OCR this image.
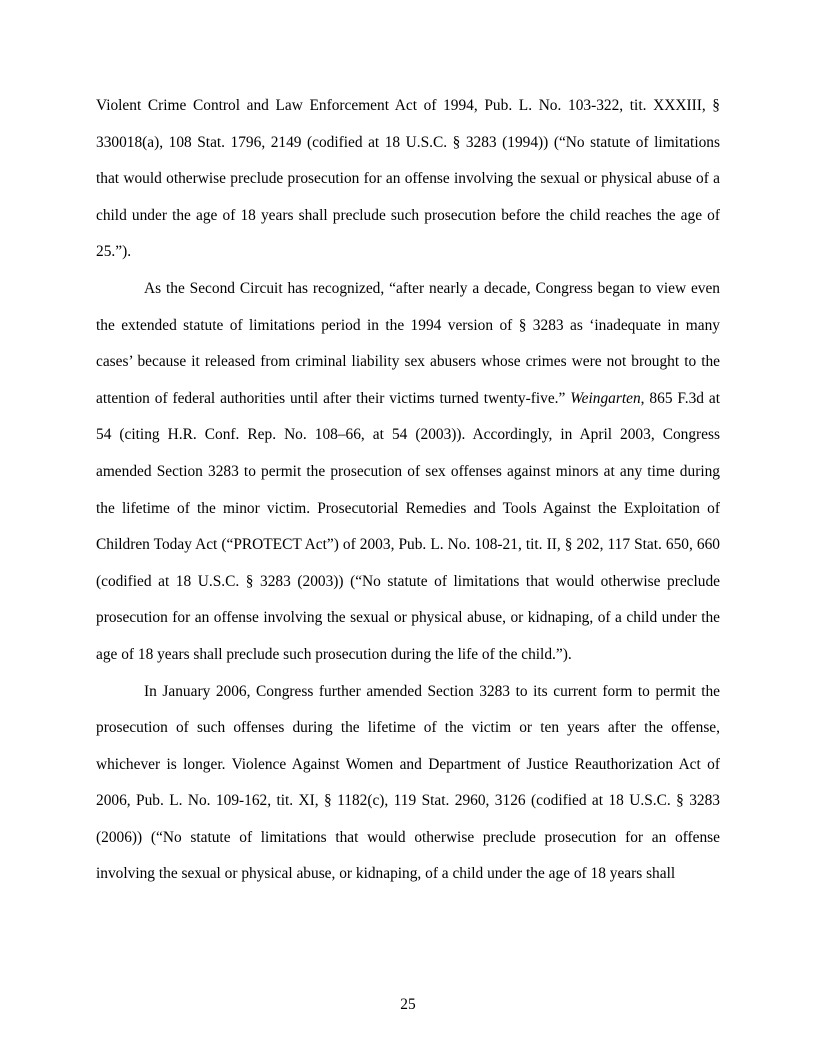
Violent Crime Control and Law Enforcement Act of 1994, Pub. L. No. 103-322, tit. XXXIII, § 330018(a), 108 Stat. 1796, 2149 (codified at 18 U.S.C. § 3283 (1994)) (“No statute of limitations that would otherwise preclude prosecution for an offense involving the sexual or physical abuse of a child under the age of 18 years shall preclude such prosecution before the child reaches the age of 25.”).

As the Second Circuit has recognized, “after nearly a decade, Congress began to view even the extended statute of limitations period in the 1994 version of § 3283 as ‘inadequate in many cases’ because it released from criminal liability sex abusers whose crimes were not brought to the attention of federal authorities until after their victims turned twenty-five.” Weingarten, 865 F.3d at 54 (citing H.R. Conf. Rep. No. 108–66, at 54 (2003)). Accordingly, in April 2003, Congress amended Section 3283 to permit the prosecution of sex offenses against minors at any time during the lifetime of the minor victim. Prosecutorial Remedies and Tools Against the Exploitation of Children Today Act (“PROTECT Act”) of 2003, Pub. L. No. 108-21, tit. II, § 202, 117 Stat. 650, 660 (codified at 18 U.S.C. § 3283 (2003)) (“No statute of limitations that would otherwise preclude prosecution for an offense involving the sexual or physical abuse, or kidnaping, of a child under the age of 18 years shall preclude such prosecution during the life of the child.”).

In January 2006, Congress further amended Section 3283 to its current form to permit the prosecution of such offenses during the lifetime of the victim or ten years after the offense, whichever is longer. Violence Against Women and Department of Justice Reauthorization Act of 2006, Pub. L. No. 109-162, tit. XI, § 1182(c), 119 Stat. 2960, 3126 (codified at 18 U.S.C. § 3283 (2006)) (“No statute of limitations that would otherwise preclude prosecution for an offense involving the sexual or physical abuse, or kidnaping, of a child under the age of 18 years shall

25
